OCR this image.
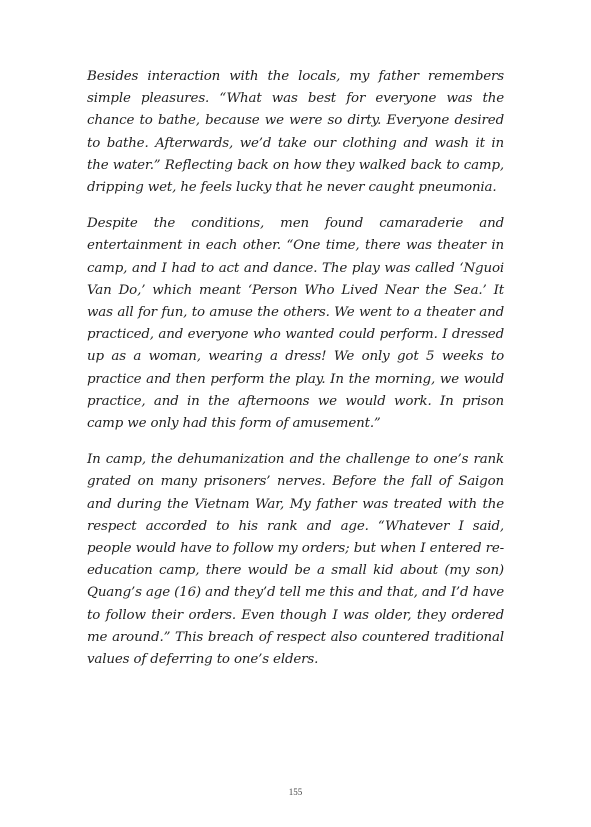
Besides interaction with the locals, my father remembers simple pleasures. “What was best for everyone was the chance to bathe, because we were so dirty. Everyone desired to bathe. Afterwards, we’d take our clothing and wash it in the water.” Reflecting back on how they walked back to camp, dripping wet, he feels lucky that he never caught pneumonia.

Despite the conditions, men found camaraderie and entertainment in each other. “One time, there was theater in camp, and I had to act and dance. The play was called ‘Nguoi Van Do,’ which meant ‘Person Who Lived Near the Sea.’ It was all for fun, to amuse the others. We went to a theater and practiced, and everyone who wanted could perform. I dressed up as a woman, wearing a dress! We only got 5 weeks to practice and then perform the play. In the morning, we would practice, and in the afternoons we would work. In prison camp we only had this form of amusement.”

In camp, the dehumanization and the challenge to one’s rank grated on many prisoners’ nerves. Before the fall of Saigon and during the Vietnam War, My father was treated with the respect accorded to his rank and age. “Whatever I said, people would have to follow my orders; but when I entered re-education camp, there would be a small kid about (my son) Quang’s age (16) and they’d tell me this and that, and I’d have to follow their orders. Even though I was older, they ordered me around.” This breach of respect also countered traditional values of deferring to one’s elders.

155
